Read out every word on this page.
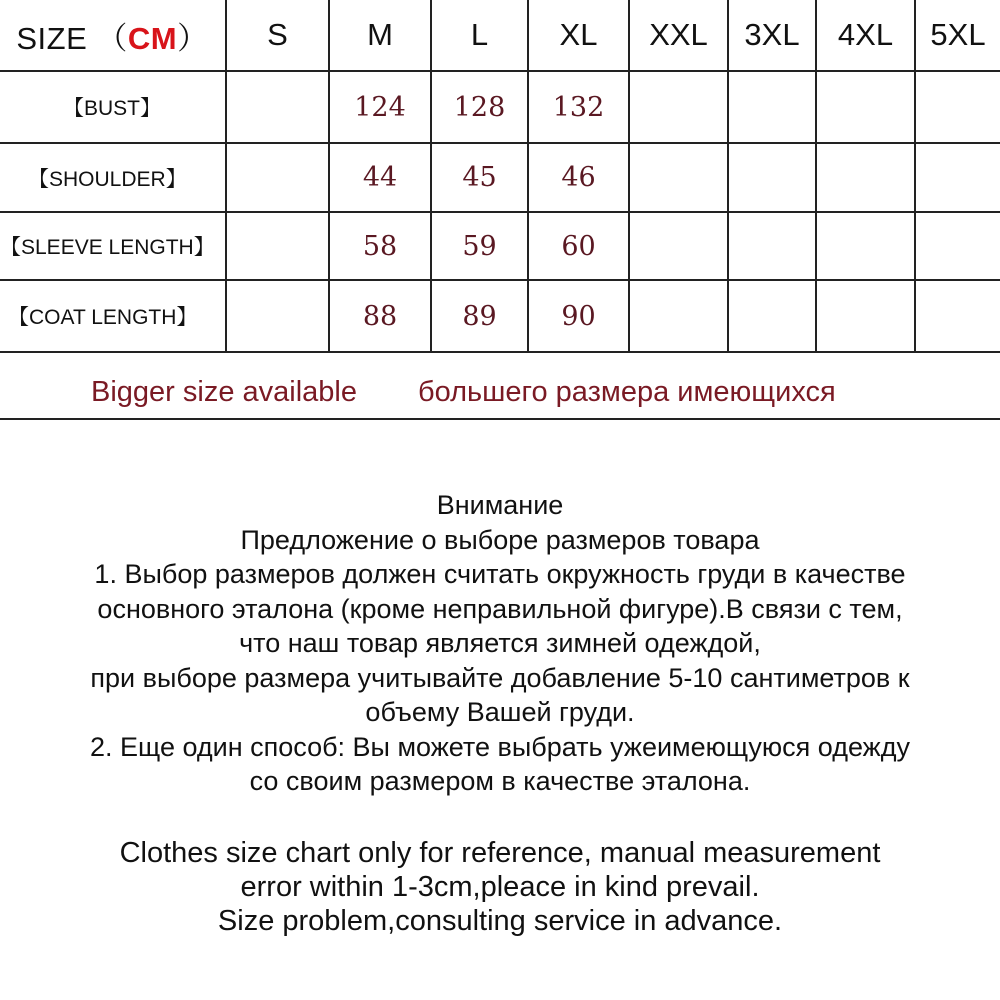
SIZE （CM）	S	M	L	XL	XXL	3XL	4XL	5XL
【BUST】		124	128	132				
【SHOULDER】		44	45	46				
【SLEEVE LENGTH】		58	59	60				
【COAT LENGTH】		88	89	90				
Bigger size available большего размера имеющихся
Внимание
Предложение о выборе размеров товара
1. Выбор размеров должен считать окружность груди в качестве
основного эталона (кроме неправильной фигуре).В связи с тем,
что наш товар является зимней одеждой,
при выборе размера учитывайте добавление 5-10 сантиметров к
объему Вашей груди.
2. Еще один способ: Вы можете выбрать ужеимеющуюся одежду
со своим размером в качестве эталона.
Clothes size chart only for reference, manual measurement
error within 1-3cm,pleace in kind prevail.
Size problem,consulting service in advance.
